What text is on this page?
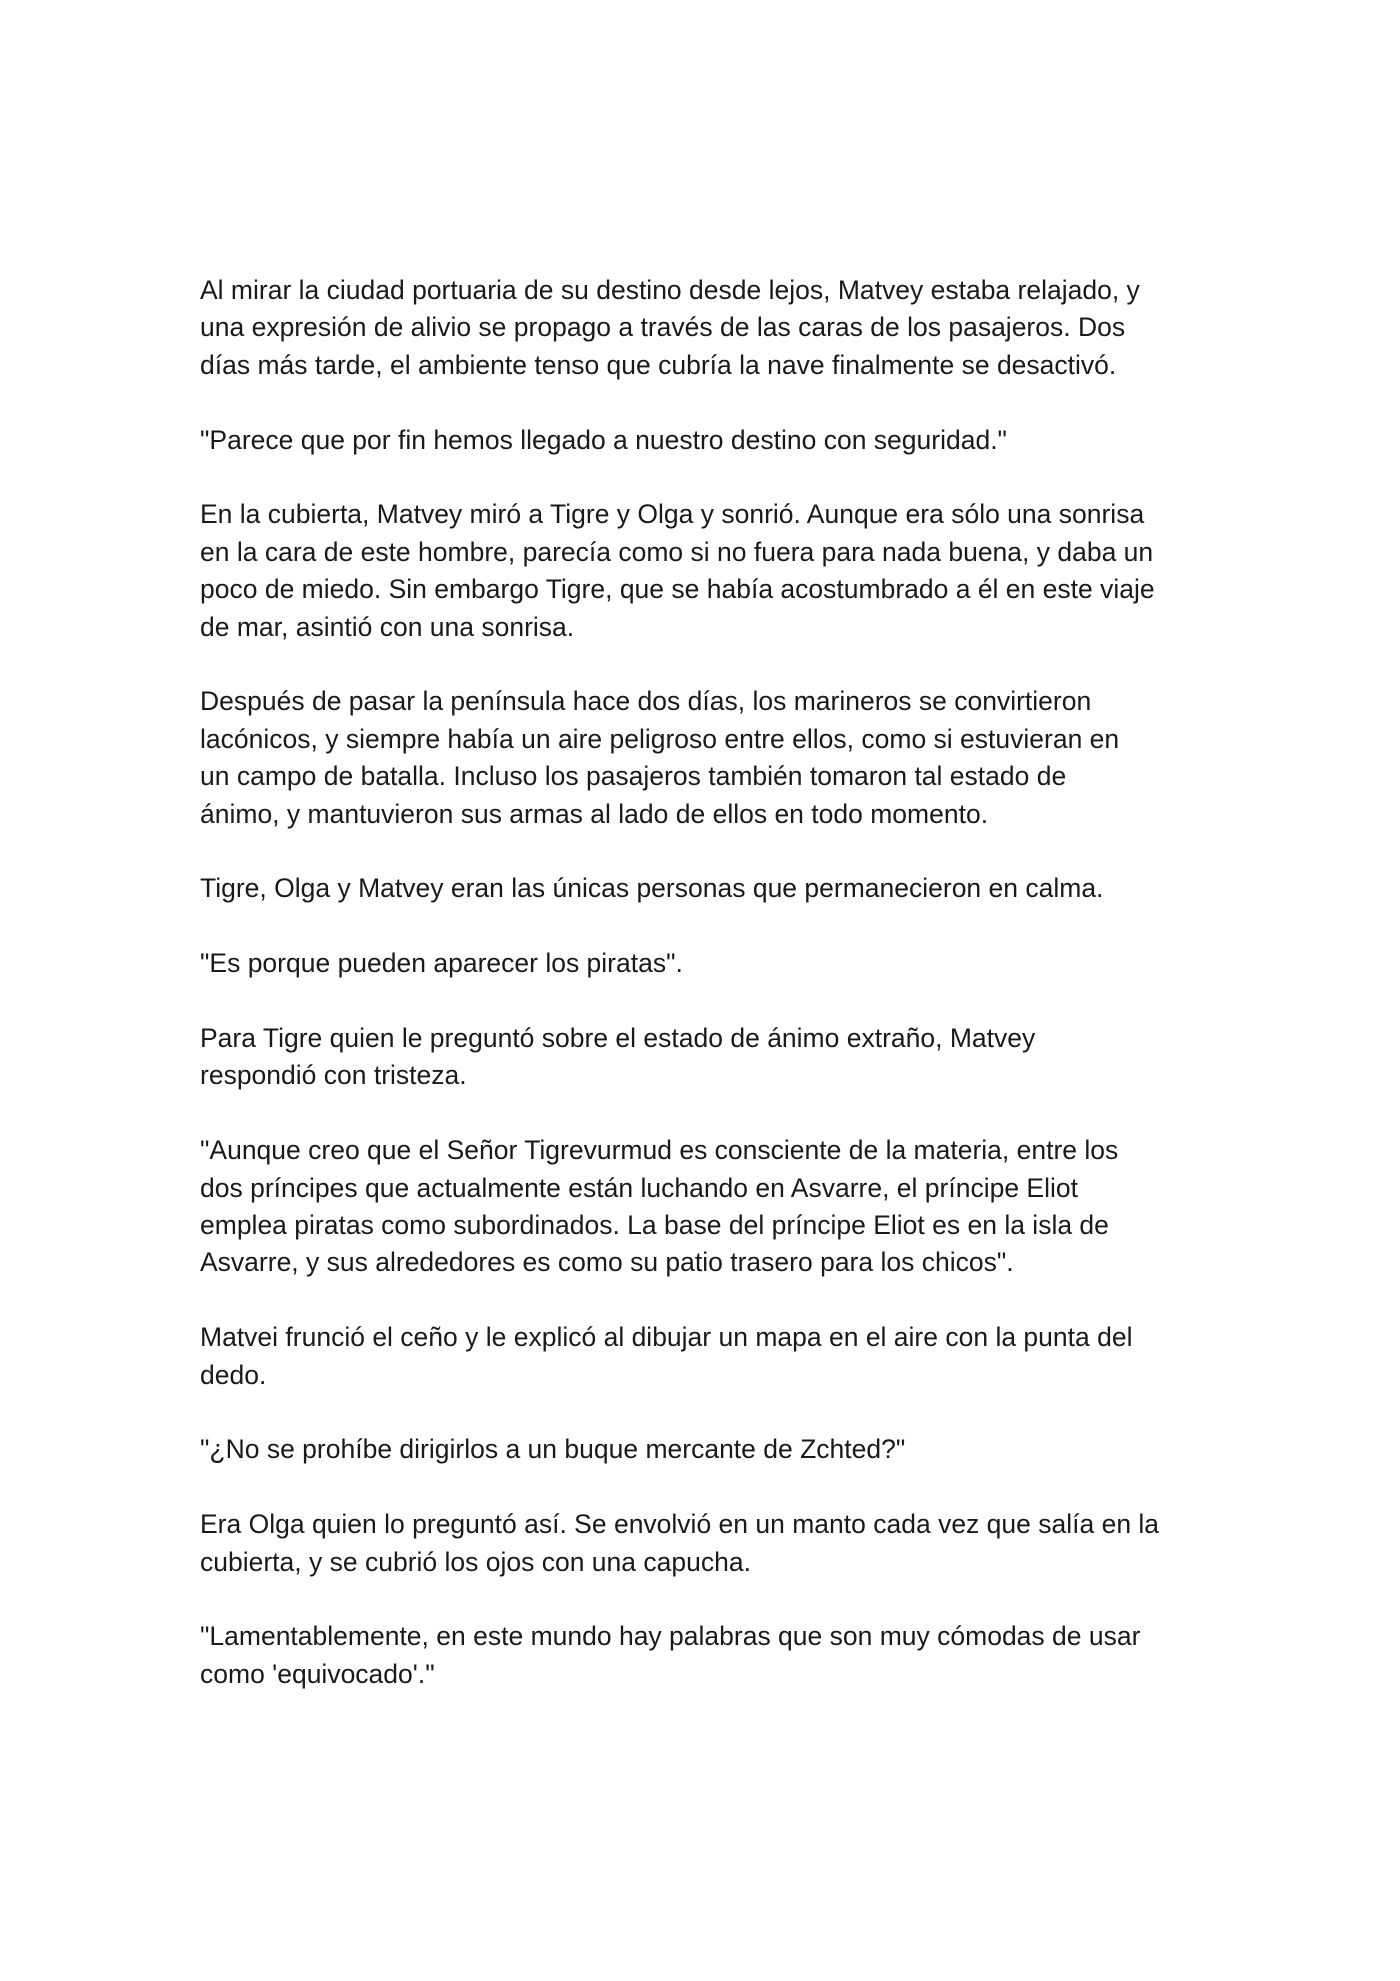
Al mirar la ciudad portuaria de su destino desde lejos, Matvey estaba relajado, y
una expresión de alivio se propago a través de las caras de los pasajeros. Dos
días más tarde, el ambiente tenso que cubría la nave finalmente se desactivó.

"Parece que por fin hemos llegado a nuestro destino con seguridad."

En la cubierta, Matvey miró a Tigre y Olga y sonrió. Aunque era sólo una sonrisa
en la cara de este hombre, parecía como si no fuera para nada buena, y daba un
poco de miedo. Sin embargo Tigre, que se había acostumbrado a él en este viaje
de mar, asintió con una sonrisa.

Después de pasar la península hace dos días, los marineros se convirtieron
lacónicos, y siempre había un aire peligroso entre ellos, como si estuvieran en
un campo de batalla. Incluso los pasajeros también tomaron tal estado de
ánimo, y mantuvieron sus armas al lado de ellos en todo momento.

Tigre, Olga y Matvey eran las únicas personas que permanecieron en calma.

"Es porque pueden aparecer los piratas".

Para Tigre quien le preguntó sobre el estado de ánimo extraño, Matvey
respondió con tristeza.

"Aunque creo que el Señor Tigrevurmud es consciente de la materia, entre los
dos príncipes que actualmente están luchando en Asvarre, el príncipe Eliot
emplea piratas como subordinados. La base del príncipe Eliot es en la isla de
Asvarre, y sus alrededores es como su patio trasero para los chicos".

Matvei frunció el ceño y le explicó al dibujar un mapa en el aire con la punta del
dedo.

"¿No se prohíbe dirigirlos a un buque mercante de Zchted?"

Era Olga quien lo preguntó así. Se envolvió en un manto cada vez que salía en la
cubierta, y se cubrió los ojos con una capucha.

"Lamentablemente, en este mundo hay palabras que son muy cómodas de usar
como 'equivocado'."
